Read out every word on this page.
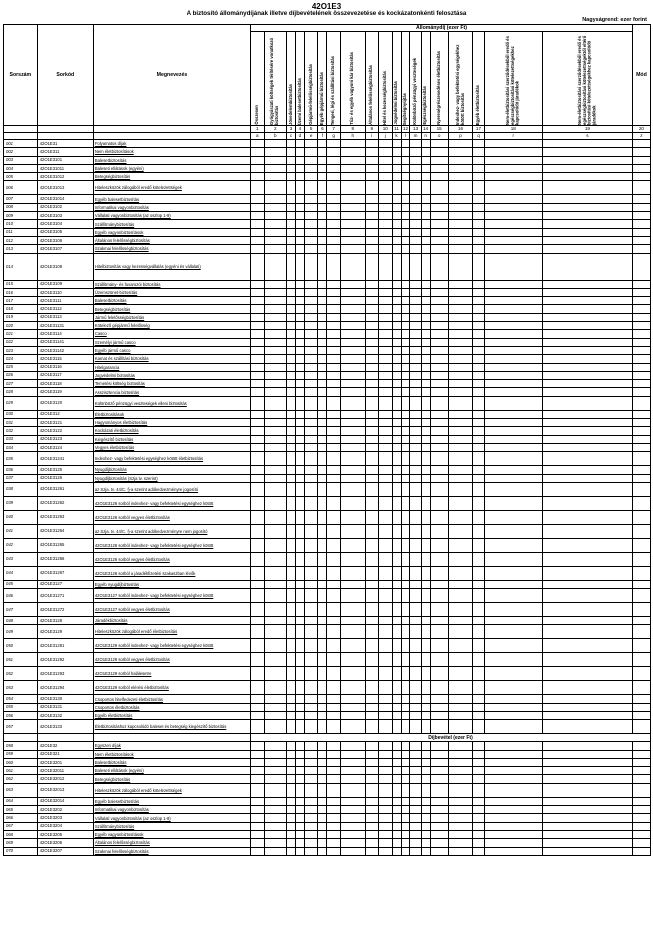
42O1E3
A biztosító állománydíjának illetve díjbevételének összevezetése és kockázatonkénti felosztása
Nagyságrend: ezer forint
Sorszám	Sorkód	Megnevezés	Állománydíj (ezer Ft)																			Mód

			Összesen	Gyógyászati költségek térítésére vonatkozó biztosítás	Jövedelembiztosítás	Üzemi balesetbiztosítás	Gépjármű-felelősségbiztosítás	Egyéb gépjármű biztosítás	Tengeri, légi és szállítási biztosítás	Tűz- és egyéb vagyoni kár biztosítás	Általános felelősségbiztosítás	Hitel és kezességbiztosítás	Jogvédelmi biztosítás	Segítségnyújtás	Különböző pénzügyi veszteségek	Egészségbiztosítás	Nyereségrészesedéses életbiztosítás	Indexhez- vagy befektetési egységekhez kötött biztosítás	Egyéb életbiztosítás	Nem-életbiztosítási szerződésekből eredő és egészségbiztosítási kötelezettségekhez kapcsolódó járadékok	Nem-életbiztosítási szerződésekből eredő és egészségbiztosítási kötelezettségektől eltérő biztosítási kötelezettségekhez kapcsolódó járadékok	

			1	2	3	4	5	6	7	8	9	10	11	12	13	14	15	16	17	18	19	20
			a	b	c	d	e	f	g	h	i	j	k	l	m	n	o	p	q	r	s	z
001	42O1E31	Folyamatos díjak																				
002	42O1E311	Nem életbiztosítások																				
003	42O1E3101	Balesetbiztosítás																				
004	42O1E31011	Baleseti ellátások (egyéni)																				
005	42O1E31012	Betegségbiztosítás																				
006	42O1E31013	Hiteleszközök zálogából eredő kötelezettségek																				
007	42O1E31014	Egyéb balesetbiztosítás																				
008	42O1E3102	Informatikai vagyonbiztosítás																				
009	42O1E3103	Vállalati vagyonbiztosítás (az oszlop 1-9)																				
010	42O1E3104	Szállítmánybiztosítás																				
011	42O1E3105	Egyéb vagyonbiztosítások																				
012	42O1E3106	Általános felelősségbiztosítás																				
013	42O1E3107	Szakmai felelősségbiztosítás																				
014	42O1E3108	Hitelbiztosítás vagy kezességvállalás (egyéni és vállalati)																				
015	42O1E3109	Szállítmány- és fuvarozói biztosítás																				
016	42O1E3110	Üzemszünet-biztosítás																				
017	42O1E3111	Balesetbiztosítás																				
018	42O1E3112	Betegségbiztosítás																				
019	42O1E3113	Jármű felelősségbiztosítás																				
020	42O1E31131	Kötelező gépjármű felelősség																				
021	42O1E3114	Casco																				
022	42O1E31141	Személyi jármű casco																				
023	42O1E31142	Egyéb jármű casco																				
024	42O1E3115	Kamat és szállítási biztosítás																				
025	42O1E3116	Hitelgarancia																				
026	42O1E3117	Jogvédelmi biztosítás																				
027	42O1E3118	Temetési költség biztosítás																				
028	42O1E3119	Asszisztencia biztosítás																				
029	42O1E3120	Különböző pénzügyi veszteségek elleni biztosítás																				
030	42O1E312	Életbiztosítások																				
031	42O1E3121	Hagyományos életbiztosítás																				
032	42O1E3122	Kockázati életbiztosítás																				
033	42O1E3123	Kiegészítő biztosítás																				
034	42O1E3124	Vegyes életbiztosítás																				
035	42O1E31241	Indexhez- vagy befektetési egységhez kötött életbiztosítás																				
036	42O1E3125	Nyugdíjbiztosítás																				
037	42O1E3126	Nyugdíjbiztosítás (Szja tv. szerint)																				
038	42O1E31261	az Szja. tv. 44/C. §-a szerint adókedvezményre jogosító																				
039	42O1E31262	42O1E3126 sorból indexhez- vagy befektetési egységhez kötött																				
040	42O1E31263	42O1E3126 sorból vegyes életbiztosítás																				
041	42O1E31264	az Szja. tv. 44/C. §-a szerint adókedvezményre nem jogosító																				
042	42O1E31265	42O1E3126 sorból indexhez- vagy befektetési egységhez kötött																				
043	42O1E31266	42O1E3126 sorból vegyes életbiztosítás																				
044	42O1E31267	42O1E3126 sorból a járadékfizetési szakaszban lévők																				
045	42O1E3127	Egyéb nyugdíjbiztosítás																				
046	42O1E31271	42O1E3127 sorból indexhez- vagy befektetési egységhez kötött																				
047	42O1E31272	42O1E3127 sorból vegyes életbiztosítás																				
048	42O1E3128	Járadékbiztosítás																				
049	42O1E3129	Hiteleszközök zálogából eredő életbiztosítás																				
050	42O1E31291	42O1E3129 sorból indexhez- vagy befektetési egységhez kötött																				
051	42O1E31292	42O1E3129 sorból vegyes életbiztosítás																				
052	42O1E31293	42O1E3129 sorból halálesetre																				
053	42O1E31294	42O1E3129 sorból elérési életbiztosítás																				
054	42O1E3130	Csoportos hitelfedezeti életbiztosítás																				
055	42O1E3131	Csoportos életbiztosítás																				
056	42O1E3132	Egyéb életbiztosítás																				
057	42O1E3133	Életbiztosításhoz kapcsolódó baleset és betegség kiegészítő biztosítás																				
			Díjbevétel (ezer Ft)																			
058	42O1E32	Egyszeri díjak																				
059	42O1E321	Nem életbiztosítások																				
060	42O1E3201	Balesetbiztosítás																				
061	42O1E32011	Baleseti ellátások (egyéni)																				
062	42O1E32012	Betegségbiztosítás																				
063	42O1E32013	Hiteleszközök zálogából eredő kötelezettségek																				
064	42O1E32014	Egyéb balesetbiztosítás																				
065	42O1E3202	Informatikai vagyonbiztosítás																				
066	42O1E3203	Vállalati vagyonbiztosítás (az oszlop 1-9)																				
067	42O1E3204	Szállítmánybiztosítás																				
068	42O1E3205	Egyéb vagyonbiztosítások																				
069	42O1E3206	Általános felelősségbiztosítás																				
070	42O1E3207	Szakmai felelősségbiztosítás																				
